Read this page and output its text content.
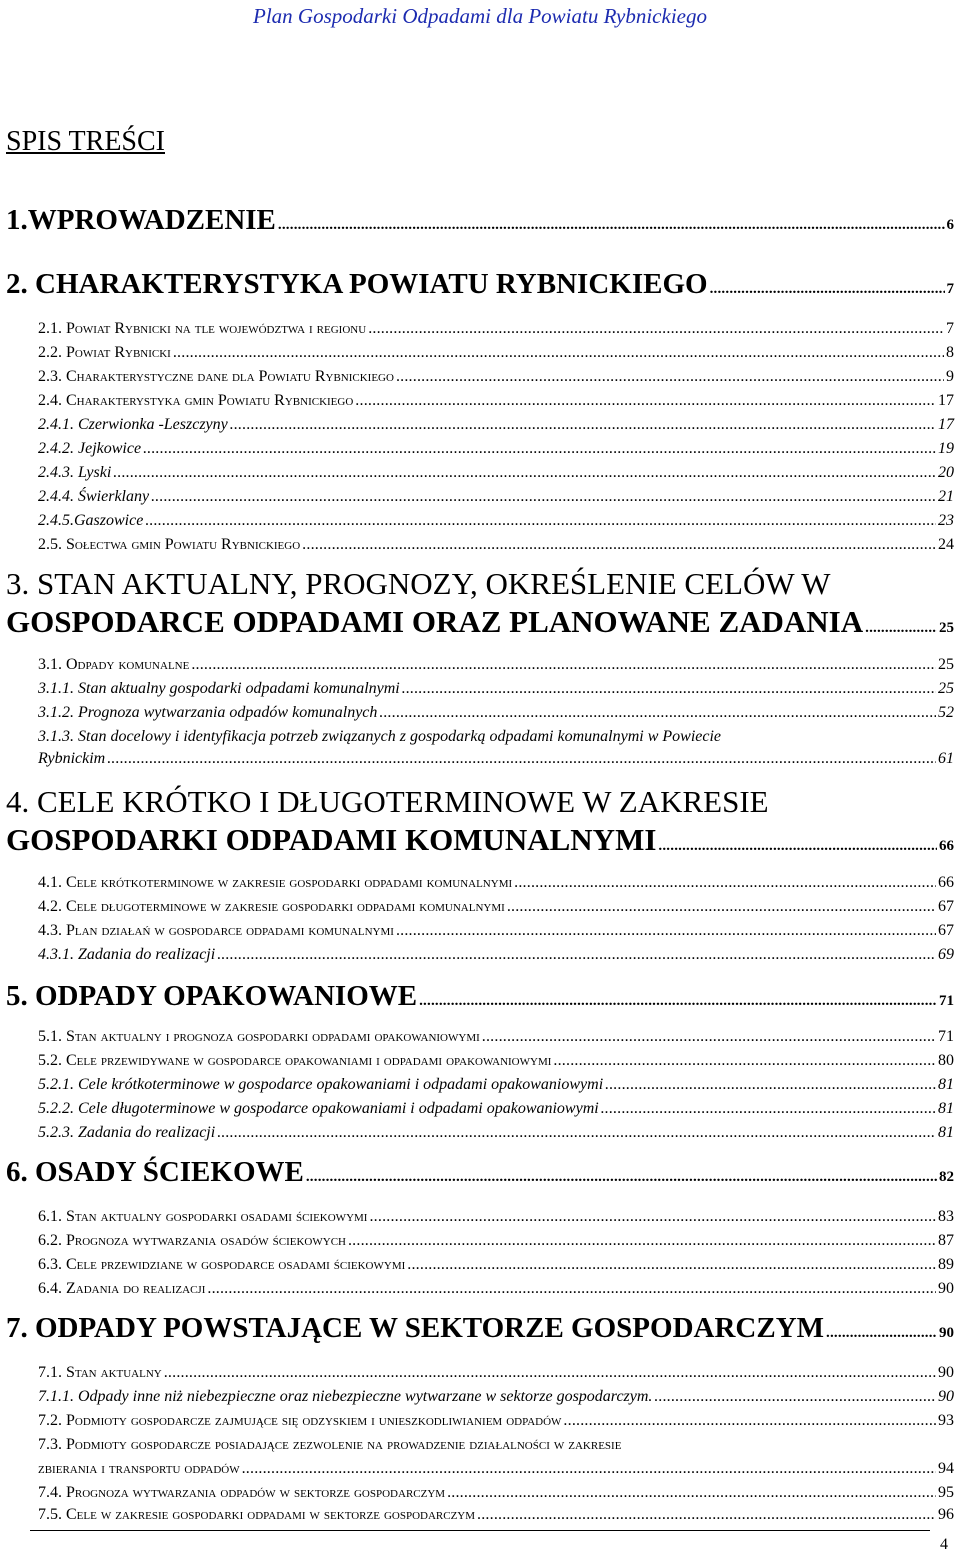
Plan Gospodarki Odpadami dla Powiatu Rybnickiego
SPIS TREŚCI
1.WPROWADZENIE .....	6
2. CHARAKTERYSTYKA POWIATU RYBNICKIEGO .....	7
2.1. Powiat Rybnicki na tle województwa i regionu .....	7
2.2. Powiat Rybnicki .....	8
2.3. Charakterystyczne dane dla Powiatu Rybnickiego .....	9
2.4. Charakterystyka gmin Powiatu Rybnickiego .....	17
2.4.1. Czerwionka -Leszczyny .....	17
2.4.2. Jejkowice .....	19
2.4.3. Lyski .....	20
2.4.4. Świerklany .....	21
2.4.5.Gaszowice .....	23
2.5. Sołectwa gmin Powiatu Rybnickiego .....	24
3. STAN AKTUALNY, PROGNOZY, OKREŚLENIE CELÓW W
GOSPODARCE ODPADAMI ORAZ PLANOWANE ZADANIA .....	25
3.1. Odpady komunalne .....	25
3.1.1. Stan aktualny gospodarki odpadami komunalnymi .....	25
3.1.2. Prognoza wytwarzania odpadów komunalnych .....	52
3.1.3. Stan docelowy i identyfikacja potrzeb związanych z gospodarką odpadami komunalnymi w Powiecie
Rybnickim .....	61
4. CELE KRÓTKO I DŁUGOTERMINOWE W ZAKRESIE
GOSPODARKI ODPADAMI KOMUNALNYMI .....	66
4.1. Cele krótkoterminowe w zakresie gospodarki odpadami komunalnymi .....	66
4.2. Cele długoterminowe w zakresie gospodarki odpadami komunalnymi .....	67
4.3. Plan działań w gospodarce odpadami komunalnymi .....	67
4.3.1. Zadania do realizacji .....	69
5. ODPADY OPAKOWANIOWE .....	71
5.1. Stan aktualny i prognoza gospodarki odpadami opakowaniowymi .....	71
5.2. Cele przewidywane w gospodarce opakowaniami i odpadami opakowaniowymi .....	80
5.2.1. Cele krótkoterminowe w gospodarce opakowaniami i odpadami opakowaniowymi .....	81
5.2.2. Cele długoterminowe w gospodarce opakowaniami i odpadami opakowaniowymi .....	81
5.2.3. Zadania do realizacji .....	81
6. OSADY ŚCIEKOWE .....	82
6.1. Stan aktualny gospodarki osadami ściekowymi .....	83
6.2. Prognoza wytwarzania osadów ściekowych .....	87
6.3. Cele przewidziane w gospodarce osadami ściekowymi .....	89
6.4. Zadania do realizacji .....	90
7. ODPADY POWSTAJĄCE W SEKTORZE GOSPODARCZYM .....	90
7.1. Stan aktualny .....	90
7.1.1. Odpady inne niż niebezpieczne oraz niebezpieczne wytwarzane w sektorze gospodarczym. .....	90
7.2. Podmioty gospodarcze zajmujące się odzyskiem i unieszkodliwianiem odpadów .....	93
7.3. Podmioty gospodarcze posiadające zezwolenie na prowadzenie działalności w zakresie
zbierania i transportu odpadów .....	94
7.4. Prognoza wytwarzania odpadów w sektorze gospodarczym .....	95
7.5. Cele w zakresie gospodarki odpadami w sektorze gospodarczym .....	96
4
